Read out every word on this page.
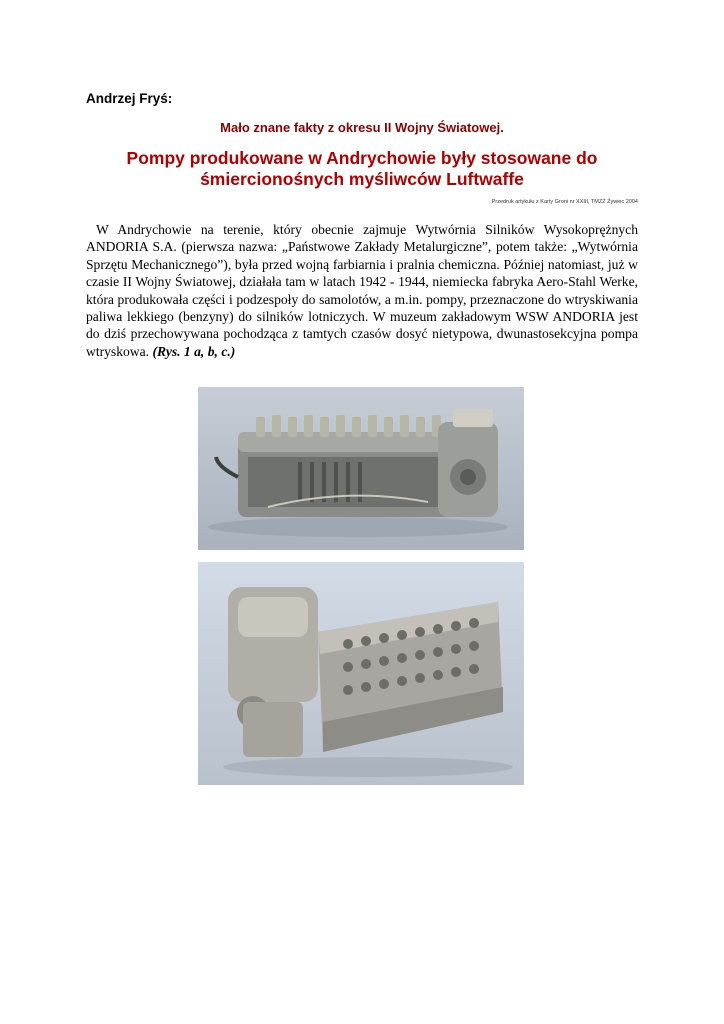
Andrzej Fryś:
Mało znane fakty z okresu II Wojny Światowej.
Pompy produkowane w Andrychowie były stosowane do śmiercionośnych myśliwców Luftwaffe
Przedruk artykułu z Karty Groni nr XXIII, TMZŻ Żywiec 2004

W Andrychowie na terenie, który obecnie zajmuje Wytwórnia Silników Wysokoprężnych ANDORIA S.A. (pierwsza nazwa: „Państwowe Zakłady Metalurgiczne”, potem także: „Wytwórnia Sprzętu Mechanicznego”), była przed wojną farbiarnia i pralnia chemiczna. Później natomiast, już w czasie II Wojny Światowej, działała tam w latach 1942 - 1944, niemiecka fabryka Aero-Stahl Werke, która produkowała części i podzespoły do samolotów, a m.in. pompy, przeznaczone do wtryskiwania paliwa lekkiego (benzyny) do silników lotniczych. W muzeum zakładowym WSW ANDORIA jest do dziś przechowywana pochodząca z tamtych czasów dosyć nietypowa, dwunastosekcyjna pompa wtryskowa. (Rys. 1 a, b, c.)
